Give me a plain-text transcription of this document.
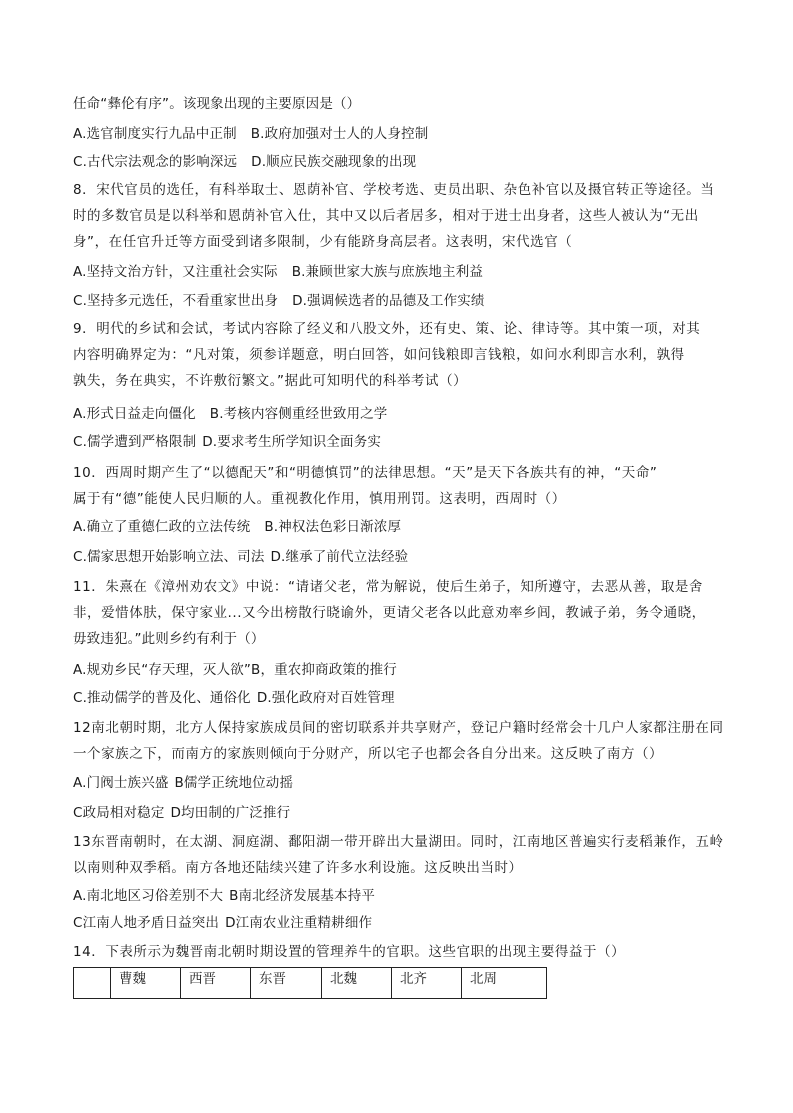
任命“彝伦有序”。该现象出现的主要原因是（）
A.选官制度实行九品中正制 B.政府加强对士人的人身控制
C.古代宗法观念的影响深远 D.顺应民族交融现象的出现
8．宋代官员的选任，有科举取士、恩荫补官、学校考选、吏员出职、杂色补官以及摄官转正等途径。当
时的多数官员是以科举和恩荫补官入仕，其中又以后者居多，相对于进士出身者，这些人被认为“无出
身”，在任官升迁等方面受到诸多限制，少有能跻身高层者。这表明，宋代选官（
A.坚持文治方针，又注重社会实际 B.兼顾世家大族与庶族地主利益
C.坚持多元选任，不看重家世出身 D.强调候选者的品德及工作实绩
9．明代的乡试和会试，考试内容除了经义和八股文外，还有史、策、论、律诗等。其中策一项，对其
内容明确界定为：“凡对策，须参详题意，明白回答，如问钱粮即言钱粮，如问水利即言水利，孰得
孰失，务在典实，不许敷衍繁文。”据此可知明代的科举考试（）
A.形式日益走向僵化 B.考核内容侧重经世致用之学
C.儒学遭到严格限制 D.要求考生所学知识全面务实
10．西周时期产生了“以德配天”和“明德慎罚”的法律思想。“天”是天下各族共有的神，“天命”
属于有“德”能使人民归顺的人。重视教化作用，慎用刑罚。这表明，西周时（）
A.确立了重德仁政的立法传统 B.神权法色彩日渐浓厚
C.儒家思想开始影响立法、司法 D.继承了前代立法经验
11．朱熹在《漳州劝农文》中说：“请诸父老，常为解说，使后生弟子，知所遵守，去恶从善，取是舍
非，爱惜体肤，保守家业...又今出榜散行晓谕外，更请父老各以此意劝率乡闾，教诫子弟，务令通晓，
毋致违犯。”此则乡约有利于（）
A.规劝乡民“存天理，灭人欲”B，重农抑商政策的推行
C.推动儒学的普及化、通俗化 D.强化政府对百姓管理
12南北朝时期，北方人保持家族成员间的密切联系并共享财产，登记户籍时经常会十几户人家都注册在同
一个家族之下，而南方的家族则倾向于分财产，所以宅子也都会各自分出来。这反映了南方（）
A.门阀士族兴盛 B儒学正统地位动摇
C政局相对稳定 D均田制的广泛推行
13东晋南朝时，在太湖、洞庭湖、鄱阳湖一带开辟出大量湖田。同时，江南地区普遍实行麦稻兼作，五岭
以南则种双季稻。南方各地还陆续兴建了许多水利设施。这反映出当时）
A.南北地区习俗差别不大 B南北经济发展基本持平
C江南人地矛盾日益突出 D江南农业注重精耕细作
14．下表所示为魏晋南北朝时期设置的管理养牛的官职。这些官职的出现主要得益于（）
	曹魏	西晋	东晋	北魏	北齐	北周
